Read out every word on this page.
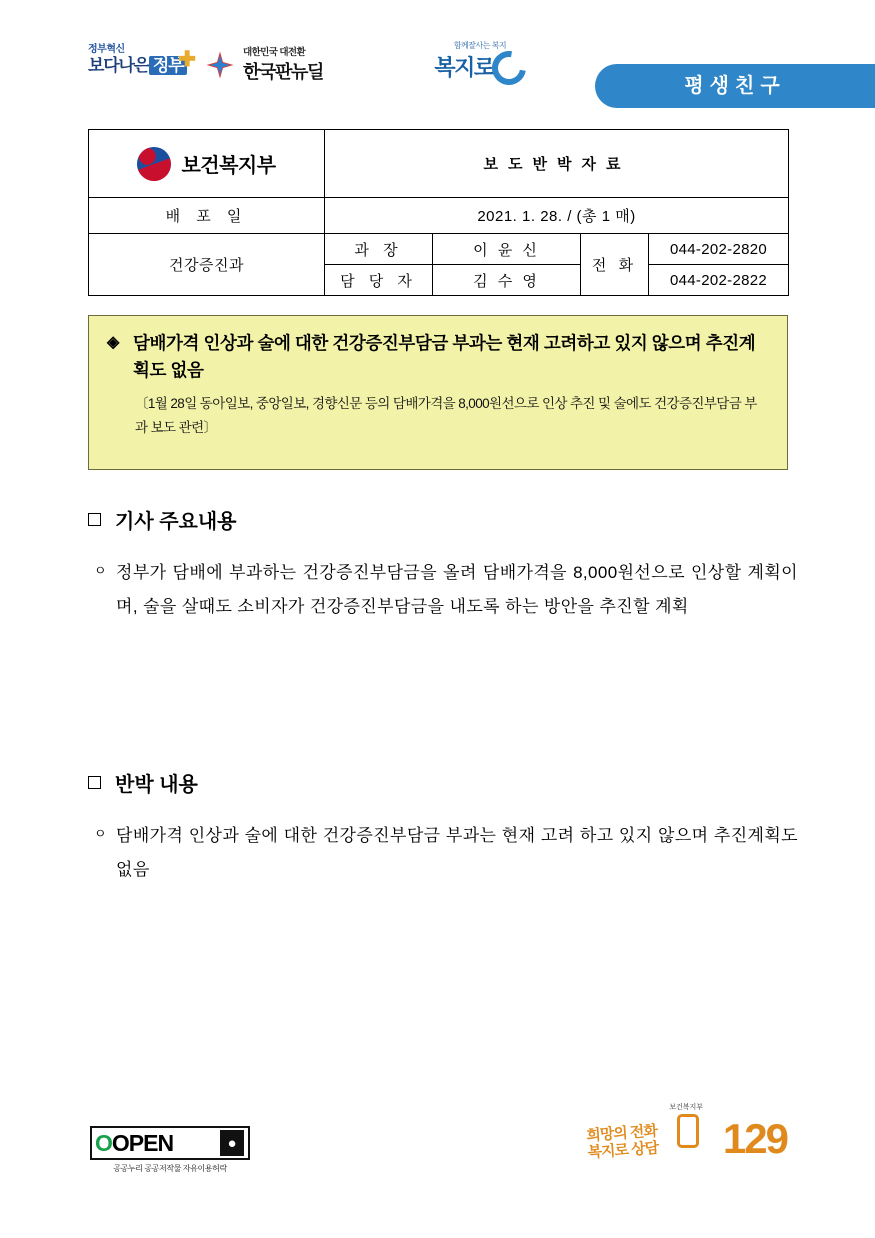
정부혁신
보다나은 정부
✚	대한민국 대전환
한국판뉴딜
함께잘사는 복지
복지로
평생친구
보건복지부	보도반박자료			
배 포 일	2021. 1. 28. / (총 1 매)			
건강증진과	과 장	이 윤 신	전 화	044-202-2820
	담 당 자	김 수 영		044-202-2822
◈ 담배가격 인상과 술에 대한 건강증진부담금 부과는 현재 고려하고 있지 않으며 추진계획도 없음
〔1월 28일 동아일보, 중앙일보, 경향신문 등의 담배가격을 8,000원선으로 인상 추진 및 술에도 건강증진부담금 부과 보도 관련〕
기사 주요내용
ㅇ 정부가 담배에 부과하는 건강증진부담금을 올려 담배가격을 8,000원선으로 인상할 계획이며, 술을 살때도 소비자가 건강증진부담금을 내도록 하는 방안을 추진할 계획

반박 내용
ㅇ 담배가격 인상과 술에 대한 건강증진부담금 부과는 현재 고려 하고 있지 않으며 추진계획도 없음

OOPEN	●
공공누리 공공저작물 자유이용허락
희망의 전화
복지로 상담
보건복지부
129
